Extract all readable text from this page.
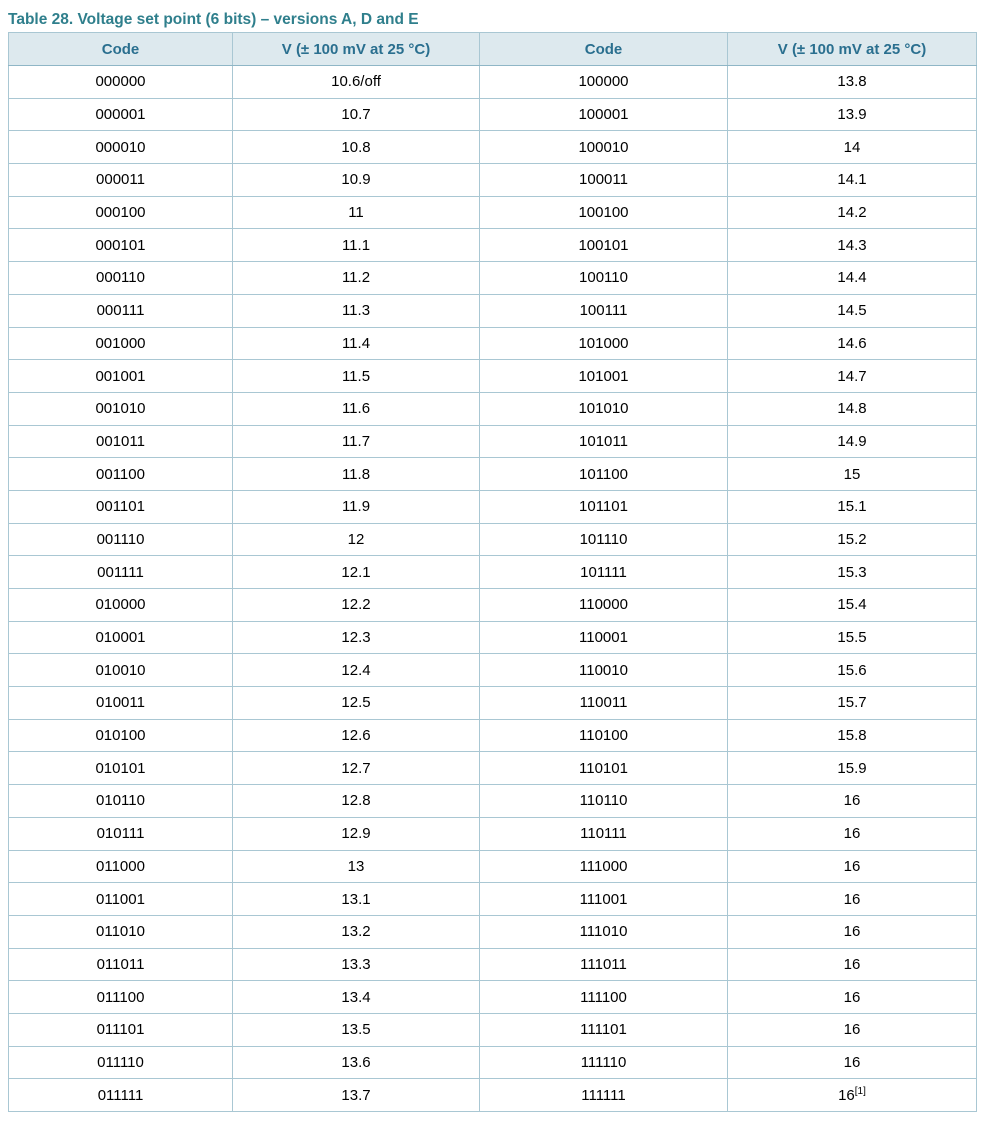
Table 28. Voltage set point (6 bits) – versions A, D and E
Code	V (± 100 mV at 25 °C)	Code	V (± 100 mV at 25 °C)
000000	10.6/off	100000	13.8
000001	10.7	100001	13.9
000010	10.8	100010	14
000011	10.9	100011	14.1
000100	11	100100	14.2
000101	11.1	100101	14.3
000110	11.2	100110	14.4
000111	11.3	100111	14.5
001000	11.4	101000	14.6
001001	11.5	101001	14.7
001010	11.6	101010	14.8
001011	11.7	101011	14.9
001100	11.8	101100	15
001101	11.9	101101	15.1
001110	12	101110	15.2
001111	12.1	101111	15.3
010000	12.2	110000	15.4
010001	12.3	110001	15.5
010010	12.4	110010	15.6
010011	12.5	110011	15.7
010100	12.6	110100	15.8
010101	12.7	110101	15.9
010110	12.8	110110	16
010111	12.9	110111	16
011000	13	111000	16
011001	13.1	111001	16
011010	13.2	111010	16
011011	13.3	111011	16
011100	13.4	111100	16
011101	13.5	111101	16
011110	13.6	111110	16
011111	13.7	111111	16[1]
